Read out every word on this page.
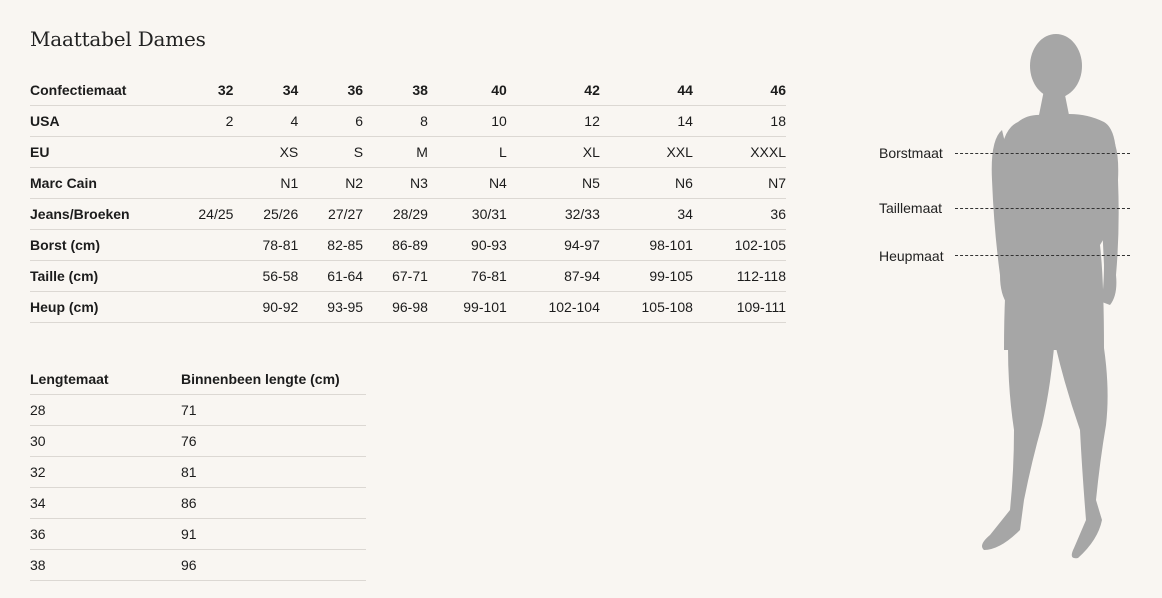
Maattabel Dames
Confectiemaat	32	34	36	38	40	42	44	46
USA	2	4	6	8	10	12	14	18
EU		XS	S	M	L	XL	XXL	XXXL
Marc Cain		N1	N2	N3	N4	N5	N6	N7
Jeans/Broeken	24/25	25/26	27/27	28/29	30/31	32/33	34	36
Borst (cm)		78-81	82-85	86-89	90-93	94-97	98-101	102-105
Taille (cm)		56-58	61-64	67-71	76-81	87-94	99-105	112-118
Heup (cm)		90-92	93-95	96-98	99-101	102-104	105-108	109-111
Lengtemaat	Binnenbeen lengte (cm)
28	71
30	76
32	81
34	86
36	91
38	96
Borstmaat
Taillemaat
Heupmaat
